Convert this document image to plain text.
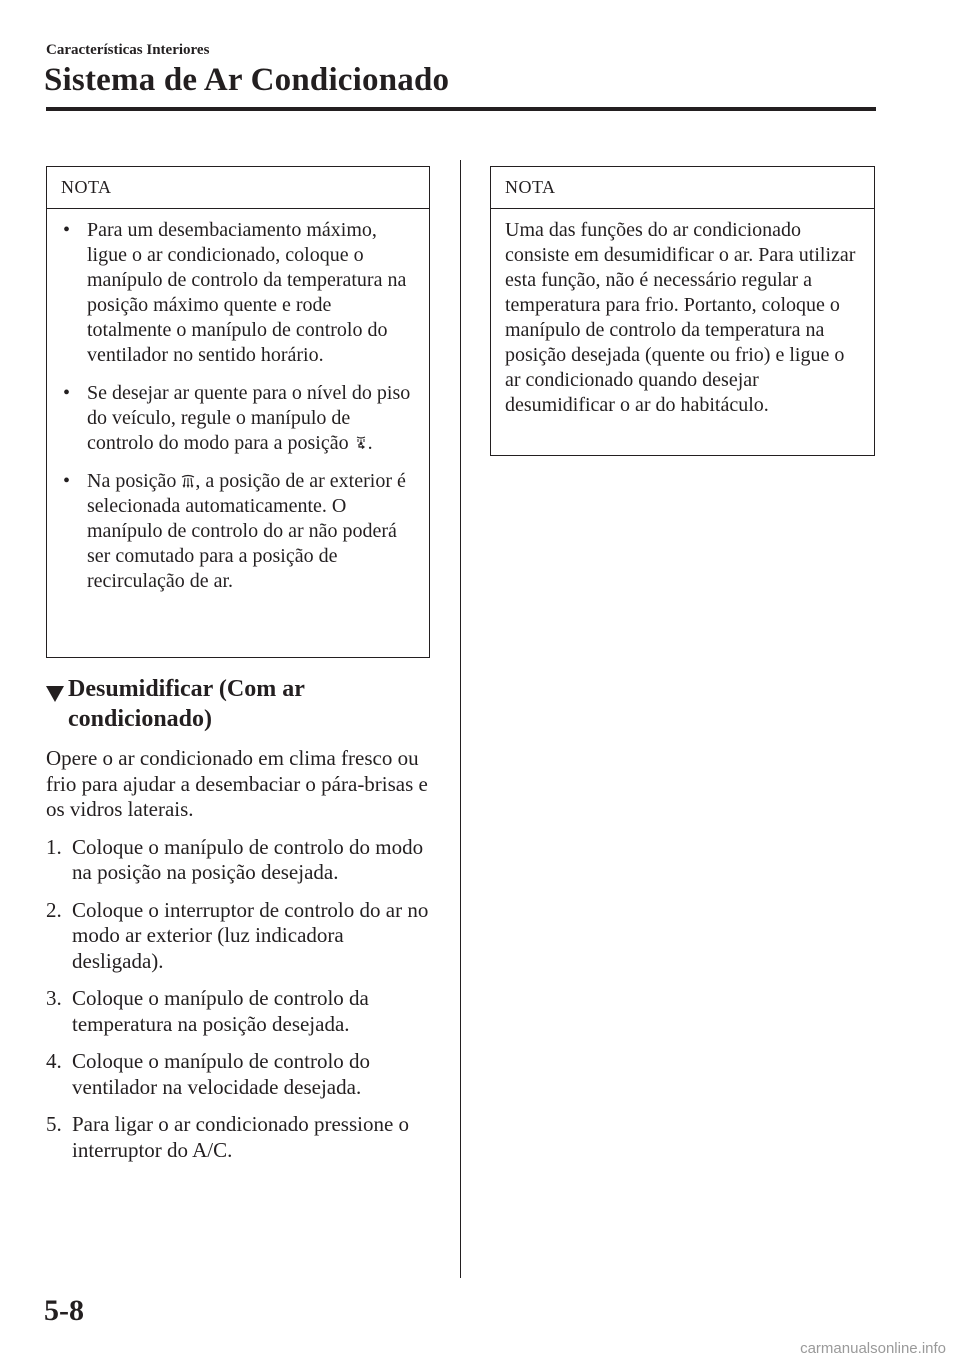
Características Interiores
Sistema de Ar Condicionado
NOTA
• Para um desembaciamento máximo, ligue o ar condicionado, coloque o manípulo de controlo da temperatura na posição máximo quente e rode totalmente o manípulo de controlo do ventilador no sentido horário.
• Se desejar ar quente para o nível do piso do veículo, regule o manípulo de controlo do modo para a posição .
• Na posição , a posição de ar exterior é selecionada automaticamente. O manípulo de controlo do ar não poderá ser comutado para a posição de recirculação de ar.
Desumidificar (Com ar condicionado)
Opere o ar condicionado em clima fresco ou frio para ajudar a desembaciar o pára-brisas e os vidros laterais.
1. Coloque o manípulo de controlo do modo na posição na posição desejada.
2. Coloque o interruptor de controlo do ar no modo ar exterior (luz indicadora desligada).
3. Coloque o manípulo de controlo da temperatura na posição desejada.
4. Coloque o manípulo de controlo do ventilador na velocidade desejada.
5. Para ligar o ar condicionado pressione o interruptor do A/C.
NOTA
Uma das funções do ar condicionado consiste em desumidificar o ar. Para utilizar esta função, não é necessário regular a temperatura para frio. Portanto, coloque o manípulo de controlo da temperatura na posição desejada (quente ou frio) e ligue o ar condicionado quando desejar desumidificar o ar do habitáculo.
5-8
carmanualsonline.info
